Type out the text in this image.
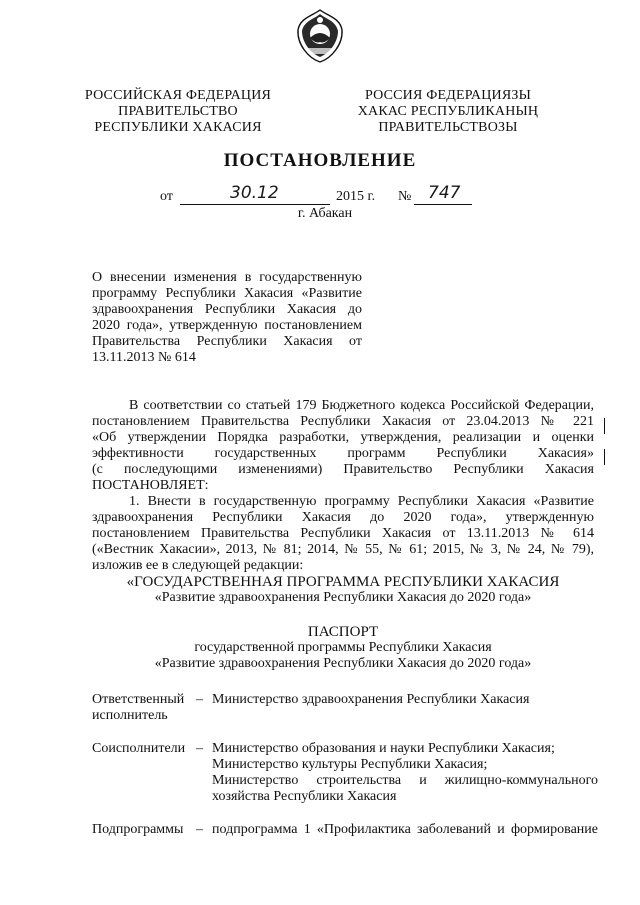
РОССИЙСКАЯ ФЕДЕРАЦИЯ
ПРАВИТЕЛЬСТВО
РЕСПУБЛИКИ ХАКАСИЯ
РОССИЯ ФЕДЕРАЦИЯЗЫ
ХАКАС РЕСПУБЛИКАНЫҢ
ПРАВИТЕЛЬСТВОЗЫ
ПОСТАНОВЛЕНИЕ
от	30.12	2015 г. № 747
г. Абакан
О внесении изменения в государственную программу Республики Хакасия «Развитие здравоохранения Республики Хакасия до 2020 года», утвержденную постановлением Правительства Республики Хакасия от 13.11.2013 № 614

В соответствии со статьей 179 Бюджетного кодекса Российской Федерации,

постановлением Правительства Республики Хакасия от 23.04.2013 № 221

«Об утверждении Порядка разработки, утверждения, реализации и оценки

эффективности государственных программ Республики Хакасия»

(с последующими изменениями) Правительство Республики Хакасия

ПОСТАНОВЛЯЕТ:

1. Внести в государственную программу Республики Хакасия «Развитие

здравоохранения Республики Хакасия до 2020 года», утвержденную

постановлением Правительства Республики Хакасия от 13.11.2013 № 614

(«Вестник Хакасии», 2013, № 81; 2014, № 55, № 61; 2015, № 3, № 24, № 79),

изложив ее в следующей редакции:

«ГОСУДАРСТВЕННАЯ ПРОГРАММА РЕСПУБЛИКИ ХАКАСИЯ

«Развитие здравоохранения Республики Хакасия до 2020 года»

ПАСПОРТ

государственной программы Республики Хакасия

«Развитие здравоохранения Республики Хакасия до 2020 года»

Ответственный
исполнитель
– Министерство здравоохранения Республики Хакасия
Соисполнители – Министерство образования и науки Республики Хакасия;
Министерство культуры Республики Хакасия;
Министерство строительства и жилищно-коммунального
хозяйства Республики Хакасия
Подпрограммы – подпрограмма 1 «Профилактика заболеваний и формирование
